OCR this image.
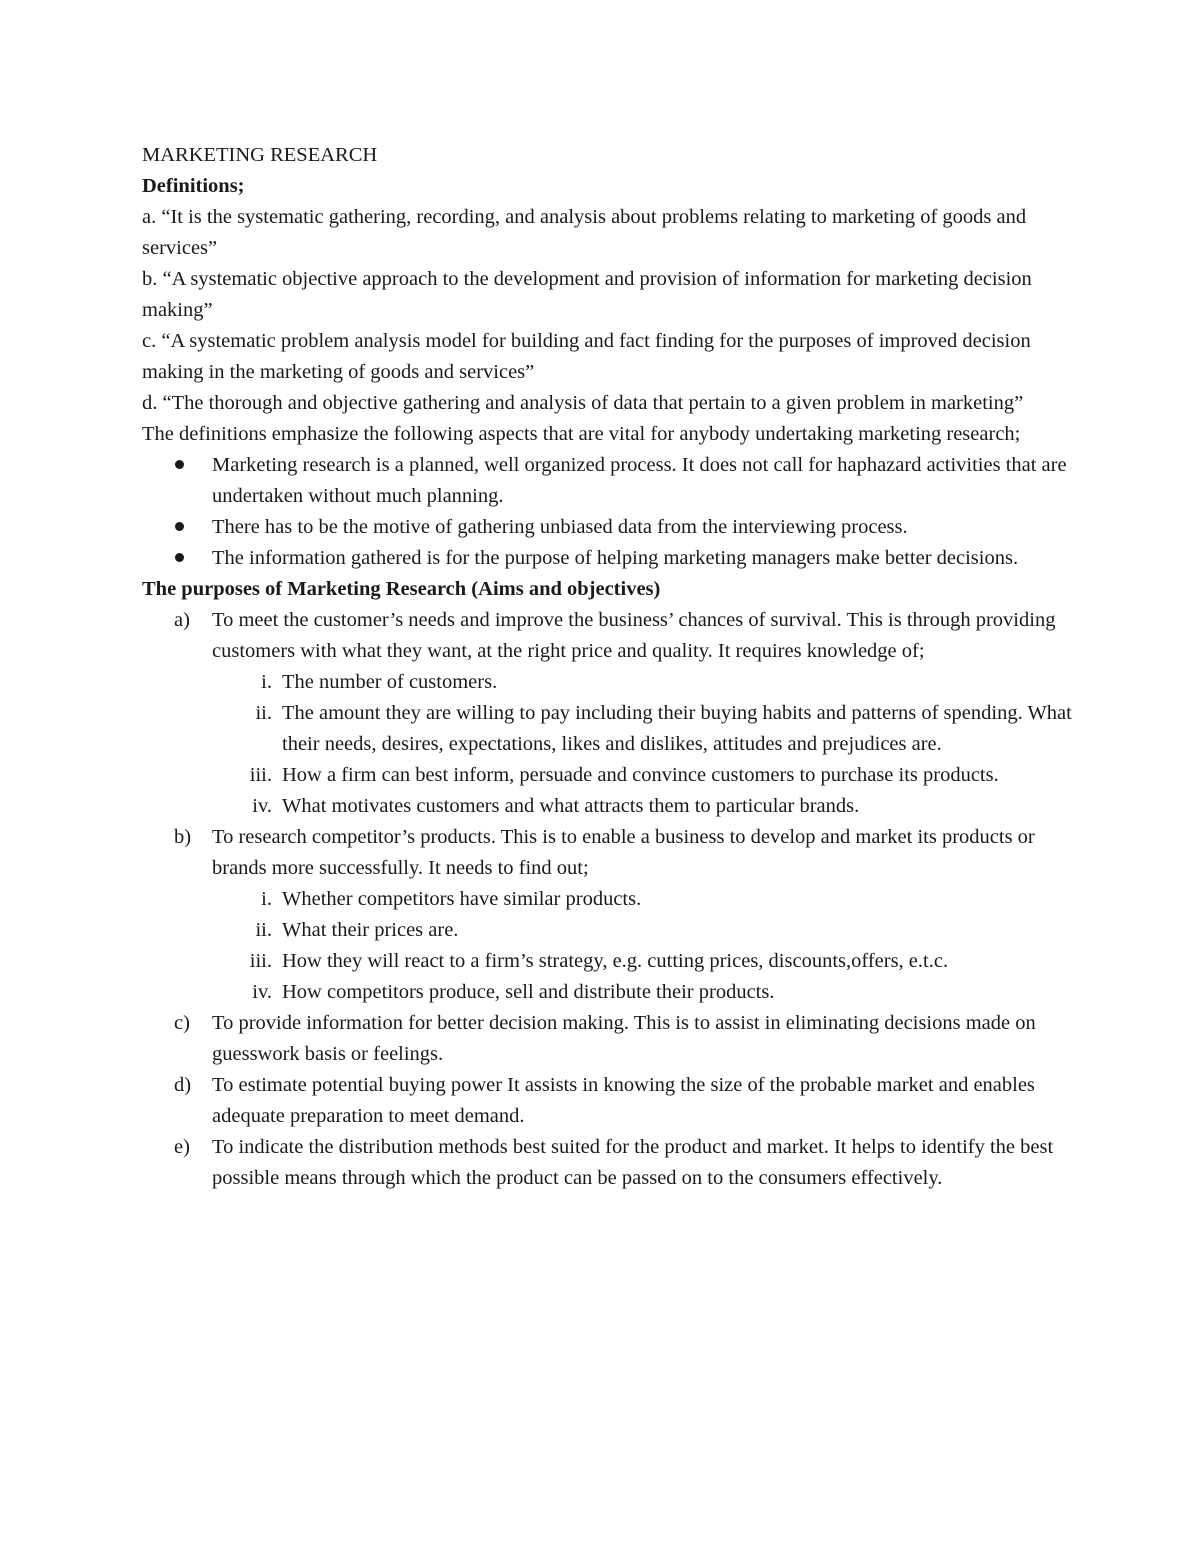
MARKETING RESEARCH

Definitions;

a. “It is the systematic gathering, recording, and analysis about problems relating to marketing of goods and services”

b. “A systematic objective approach to the development and provision of information for marketing decision making”

c. “A systematic problem analysis model for building and fact finding for the purposes of improved decision making in the marketing of goods and services”

d. “The thorough and objective gathering and analysis of data that pertain to a given problem in marketing”

The definitions emphasize the following aspects that are vital for anybody undertaking marketing research;

Marketing research is a planned, well organized process. It does not call for haphazard activities that are undertaken without much planning.
There has to be the motive of gathering unbiased data from the interviewing process.
The information gathered is for the purpose of helping marketing managers make better decisions.

The purposes of Marketing Research (Aims and objectives)

a) To meet the customer’s needs and improve the business’ chances of survival. This is through providing customers with what they want, at the right price and quality. It requires knowledge of;
i. The number of customers.
ii. The amount they are willing to pay including their buying habits and patterns of spending. What their needs, desires, expectations, likes and dislikes, attitudes and prejudices are.
iii. How a firm can best inform, persuade and convince customers to purchase its products.
iv. What motivates customers and what attracts them to particular brands.
b) To research competitor’s products. This is to enable a business to develop and market its products or brands more successfully. It needs to find out;
i. Whether competitors have similar products.
ii. What their prices are.
iii. How they will react to a firm’s strategy, e.g. cutting prices, discounts,offers, e.t.c.
iv. How competitors produce, sell and distribute their products.
c) To provide information for better decision making. This is to assist in eliminating decisions made on guesswork basis or feelings.
d) To estimate potential buying power It assists in knowing the size of the probable market and enables adequate preparation to meet demand.
e) To indicate the distribution methods best suited for the product and market. It helps to identify the best possible means through which the product can be passed on to the consumers effectively.
